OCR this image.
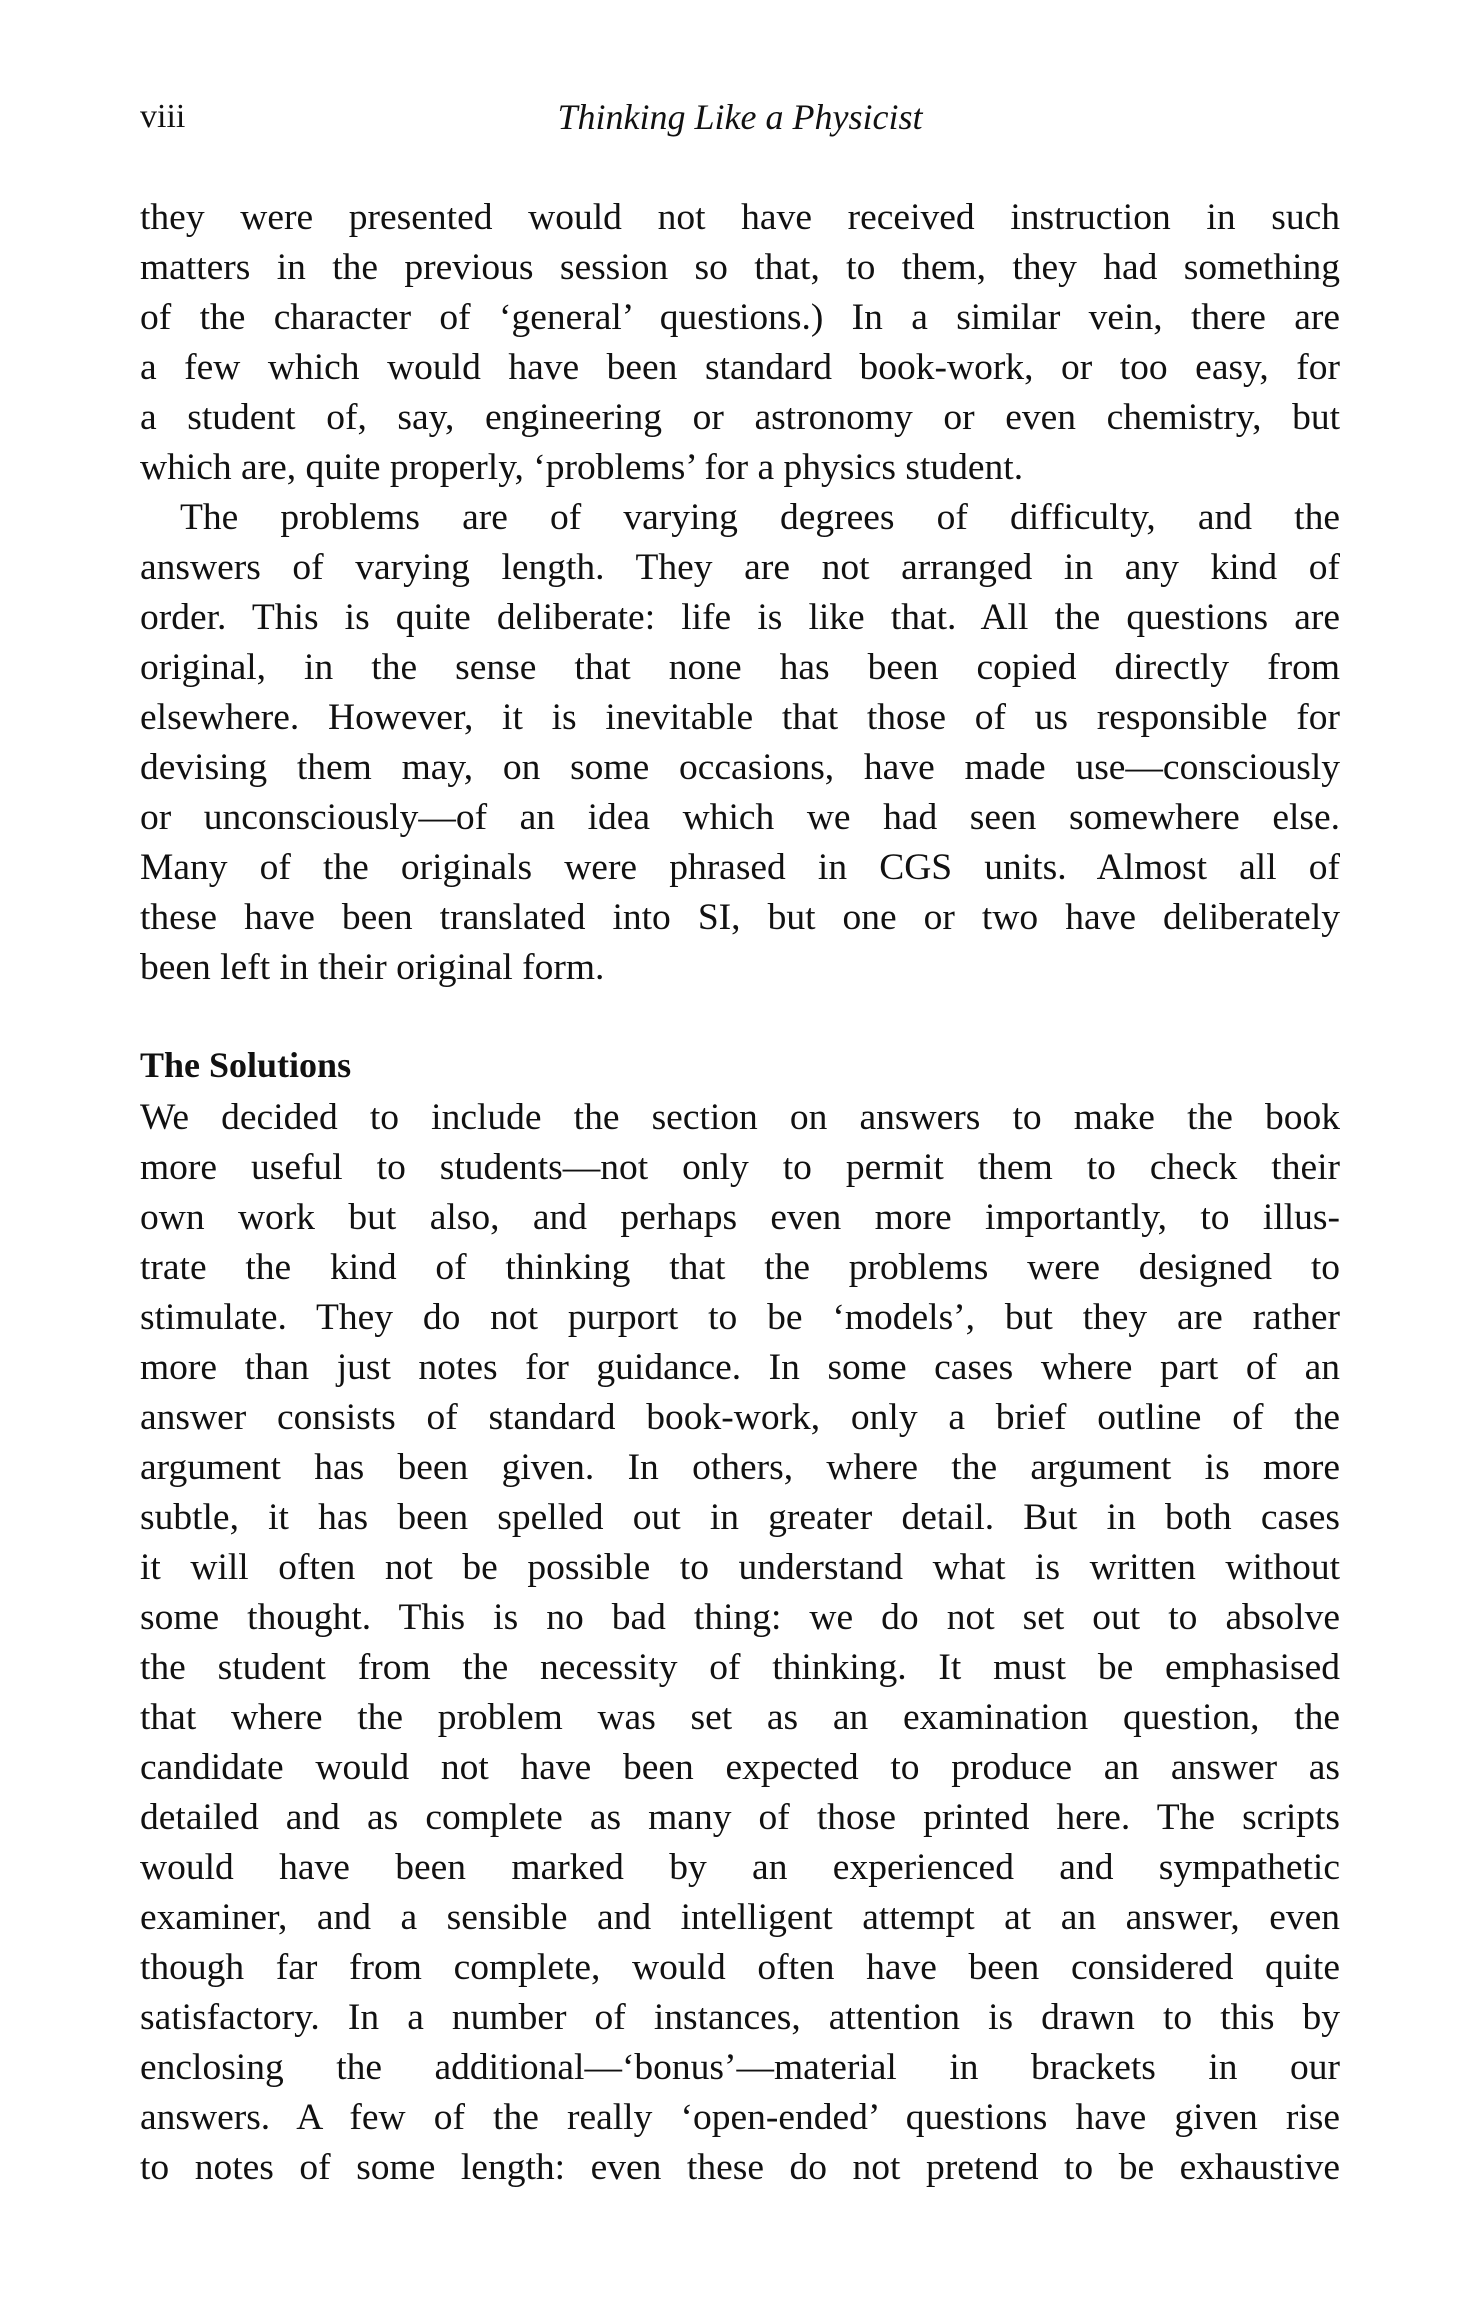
viii	Thinking Like a Physicist
they were presented would not have received instruction in such
matters in the previous session so that, to them, they had something
of the character of ‘general’ questions.) In a similar vein, there are
a few which would have been standard book-work, or too easy, for
a student of, say, engineering or astronomy or even chemistry, but
which are, quite properly, ‘problems’ for a physics student.
The problems are of varying degrees of difficulty, and the
answers of varying length. They are not arranged in any kind of
order. This is quite deliberate: life is like that. All the questions are
original, in the sense that none has been copied directly from
elsewhere. However, it is inevitable that those of us responsible for
devising them may, on some occasions, have made use—consciously
or unconsciously—of an idea which we had seen somewhere else.
Many of the originals were phrased in CGS units. Almost all of
these have been translated into SI, but one or two have deliberately
been left in their original form.
The Solutions
We decided to include the section on answers to make the book
more useful to students—not only to permit them to check their
own work but also, and perhaps even more importantly, to illus-
trate the kind of thinking that the problems were designed to
stimulate. They do not purport to be ‘models’, but they are rather
more than just notes for guidance. In some cases where part of an
answer consists of standard book-work, only a brief outline of the
argument has been given. In others, where the argument is more
subtle, it has been spelled out in greater detail. But in both cases
it will often not be possible to understand what is written without
some thought. This is no bad thing: we do not set out to absolve
the student from the necessity of thinking. It must be emphasised
that where the problem was set as an examination question, the
candidate would not have been expected to produce an answer as
detailed and as complete as many of those printed here. The scripts
would have been marked by an experienced and sympathetic
examiner, and a sensible and intelligent attempt at an answer, even
though far from complete, would often have been considered quite
satisfactory. In a number of instances, attention is drawn to this by
enclosing the additional—‘bonus’—material in brackets in our
answers. A few of the really ‘open-ended’ questions have given rise
to notes of some length: even these do not pretend to be exhaustive
